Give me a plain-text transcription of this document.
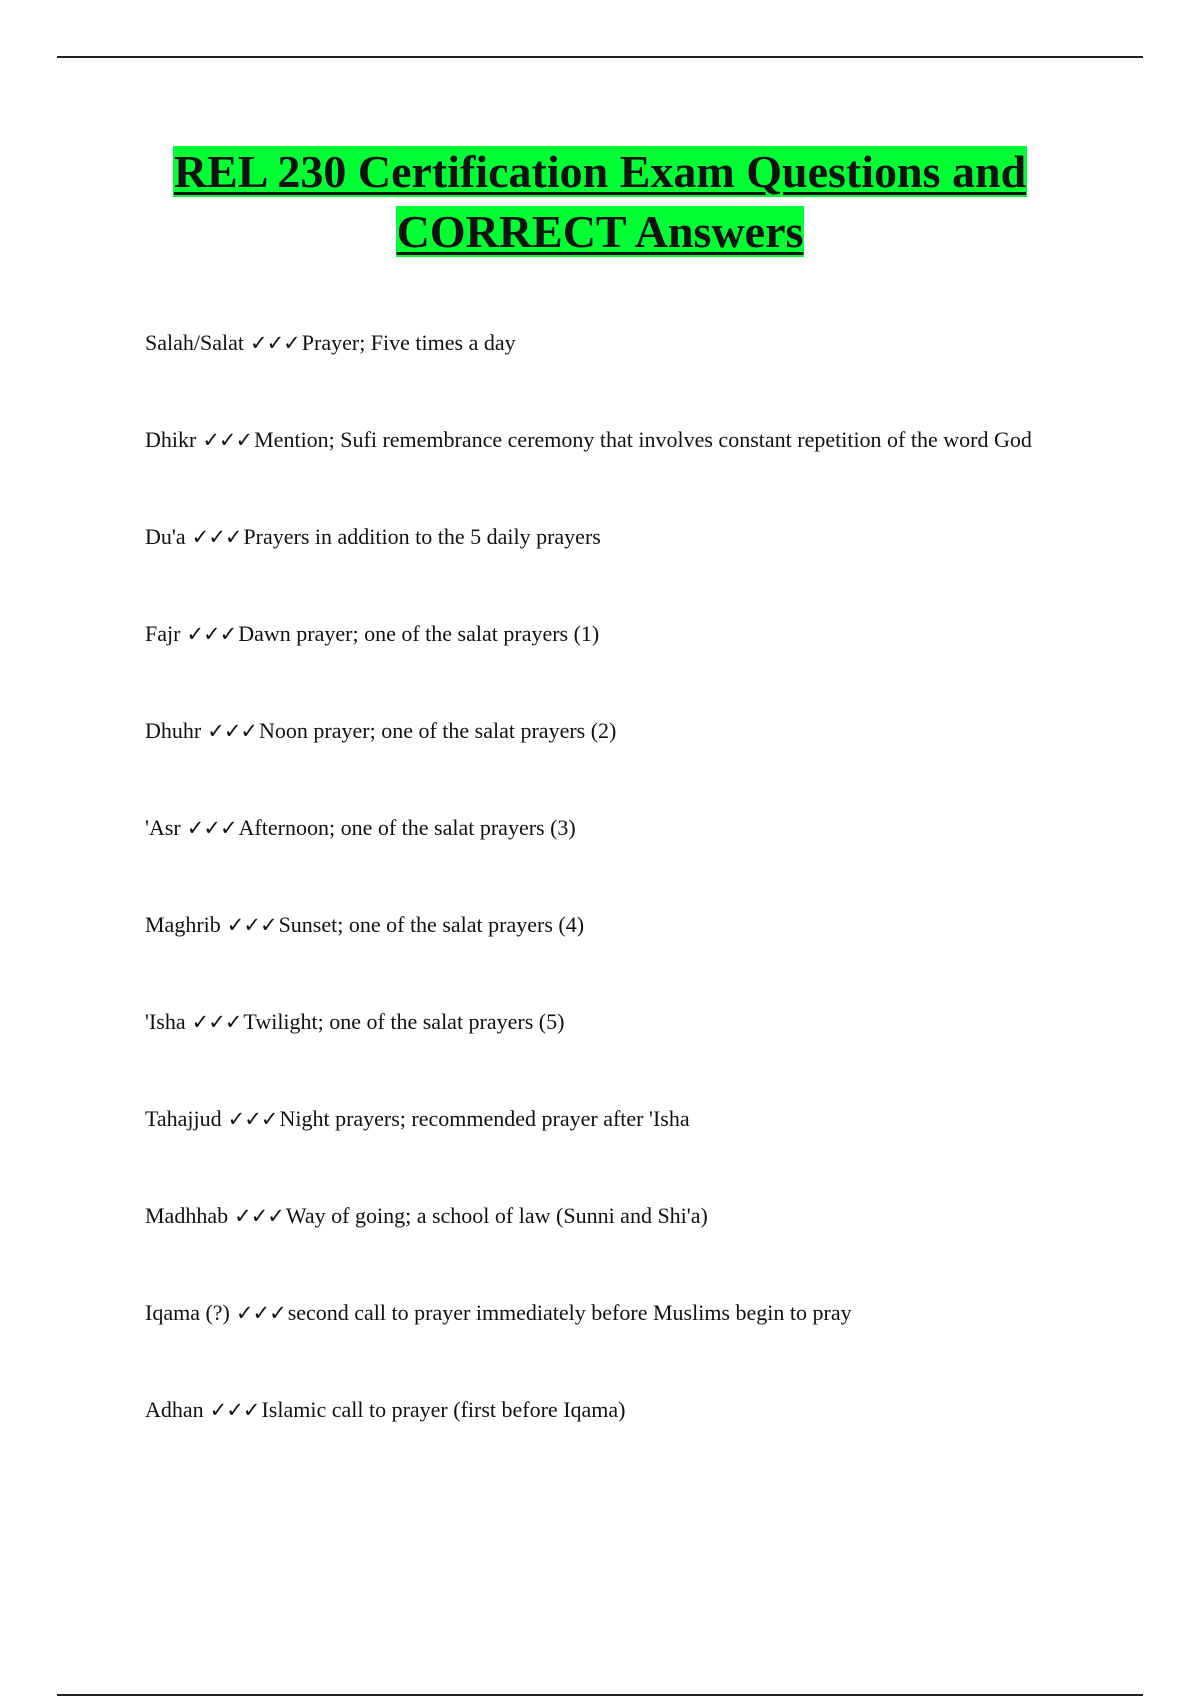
REL 230 Certification Exam Questions and
CORRECT Answers
Salah/Salat ✓✓✓Prayer; Five times a day
Dhikr ✓✓✓Mention; Sufi remembrance ceremony that involves constant repetition of the word God
Du'a ✓✓✓Prayers in addition to the 5 daily prayers
Fajr ✓✓✓Dawn prayer; one of the salat prayers (1)
Dhuhr ✓✓✓Noon prayer; one of the salat prayers (2)
'Asr ✓✓✓Afternoon; one of the salat prayers (3)
Maghrib ✓✓✓Sunset; one of the salat prayers (4)
'Isha ✓✓✓Twilight; one of the salat prayers (5)
Tahajjud ✓✓✓Night prayers; recommended prayer after 'Isha
Madhhab ✓✓✓Way of going; a school of law (Sunni and Shi'a)
Iqama (?) ✓✓✓second call to prayer immediately before Muslims begin to pray
Adhan ✓✓✓Islamic call to prayer (first before Iqama)
